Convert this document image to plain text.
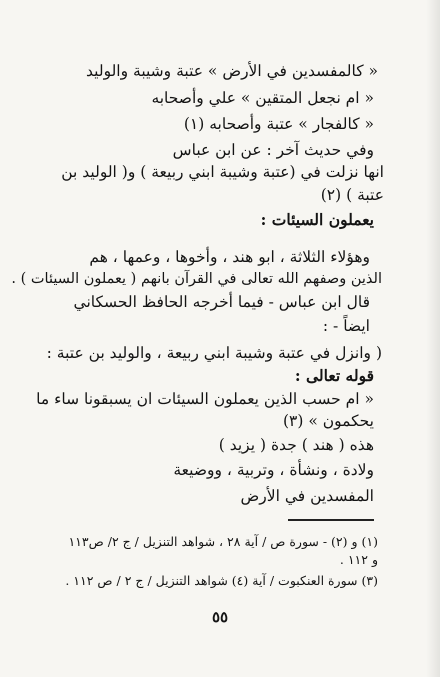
« كالمفسدين في الأرض » عتبة وشيبة والوليد
« ام نجعل المتقين » علي وأصحابه
« كالفجار » عتبة وأصحابه (١)
وفي حديث آخر : عن ابن عباس
انها نزلت في (عتبة وشيبة ابني ربيعة ) و( الوليد بن
عتبة ) (٢)
يعملون السيئات :
وهؤلاء الثلاثة ، ابو هند ، وأخوها ، وعمها ، هم
الذين وصفهم الله تعالى في القرآن بانهم ( يعملون السيئات ) .
قال ابن عباس - فيما أخرجه الحافظ الحسكاني
ايضاً - :
( وانزل في عتبة وشيبة ابني ربيعة ، والوليد بن عتبة :
قوله تعالى :
« ام حسب الذين يعملون السيئات ان يسبقونا ساء ما
يحكمون » (٣)
هذه ( هند ) جدة ( يزيد )
ولادة ، ونشأة ، وتربية ، ووضيعة
المفسدين في الأرض
(١) و (٢) - سورة ص / آية ٢٨ ، شواهد التنزيل / ج ٢/ ص١١٣
و ١١٢ .
(٣) سورة العنكبوت / آية (٤) شواهد التنزيل / ج ٢ / ص ١١٢ .
٥٥
